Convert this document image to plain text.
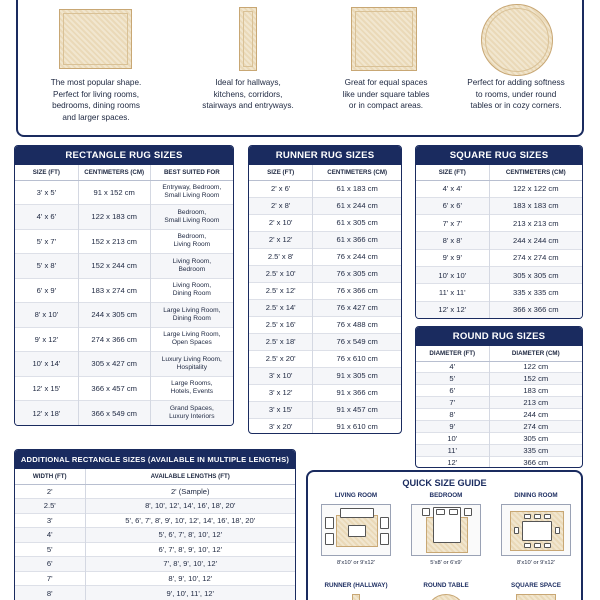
The most popular shape.
Perfect for living rooms,
bedrooms, dining rooms
and larger spaces.

Ideal for hallways,
kitchens, corridors,
stairways and entryways.

Great for equal spaces
like under square tables
or in compact areas.

Perfect for adding softness
to rooms, under round
tables or in cozy corners.

RECTANGLE RUG SIZES
SIZE (FT)	CENTIMETERS (CM)	BEST SUITED FOR
3' x 5'	91 x 152 cm	Entryway, Bedroom,
Small Living Room
4' x 6'	122 x 183 cm	Bedroom,
Small Living Room
5' x 7'	152 x 213 cm	Bedroom,
Living Room
5' x 8'	152 x 244 cm	Living Room,
Bedroom
6' x 9'	183 x 274 cm	Living Room,
Dining Room
8' x 10'	244 x 305 cm	Large Living Room,
Dining Room
9' x 12'	274 x 366 cm	Large Living Room,
Open Spaces
10' x 14'	305 x 427 cm	Luxury Living Room,
Hospitality
12' x 15'	366 x 457 cm	Large Rooms,
Hotels, Events
12' x 18'	366 x 549 cm	Grand Spaces,
Luxury Interiors
RUNNER RUG SIZES
SIZE (FT)	CENTIMETERS (CM)
2' x 6'	61 x 183 cm
2' x 8'	61 x 244 cm
2' x 10'	61 x 305 cm
2' x 12'	61 x 366 cm
2.5' x 8'	76 x 244 cm
2.5' x 10'	76 x 305 cm
2.5' x 12'	76 x 366 cm
2.5' x 14'	76 x 427 cm
2.5' x 16'	76 x 488 cm
2.5' x 18'	76 x 549 cm
2.5' x 20'	76 x 610 cm
3' x 10'	91 x 305 cm
3' x 12'	91 x 366 cm
3' x 15'	91 x 457 cm
3' x 20'	91 x 610 cm
SQUARE RUG SIZES
SIZE (FT)	CENTIMETERS (CM)
4' x 4'	122 x 122 cm
6' x 6'	183 x 183 cm
7' x 7'	213 x 213 cm
8' x 8'	244 x 244 cm
9' x 9'	274 x 274 cm
10' x 10'	305 x 305 cm
11' x 11'	335 x 335 cm
12' x 12'	366 x 366 cm
ROUND RUG SIZES
DIAMETER (FT)	DIAMETER (CM)
4'	122 cm
5'	152 cm
6'	183 cm
7'	213 cm
8'	244 cm
9'	274 cm
10'	305 cm
11'	335 cm
12'	366 cm
ADDITIONAL RECTANGLE SIZES (AVAILABLE IN MULTIPLE LENGTHS)
WIDTH (FT)	AVAILABLE LENGTHS (FT)
2'	2' (Sample)
2.5'	8', 10', 12', 14', 16', 18', 20'
3'	5', 6', 7', 8', 9', 10', 12', 14', 16', 18', 20'
4'	5', 6', 7', 8', 10', 12'
5'	6', 7', 8', 9', 10', 12'
6'	7', 8', 9', 10', 12'
7'	8', 9', 10', 12'
8'	9', 10', 11', 12'
QUICK SIZE GUIDE
LIVING ROOM
8'x10' or 9'x12'
BEDROOM
5'x8' or 6'x9'
DINING ROOM
8'x10' or 9'x12'
RUNNER (HALLWAY)	ROUND TABLE	SQUARE SPACE
